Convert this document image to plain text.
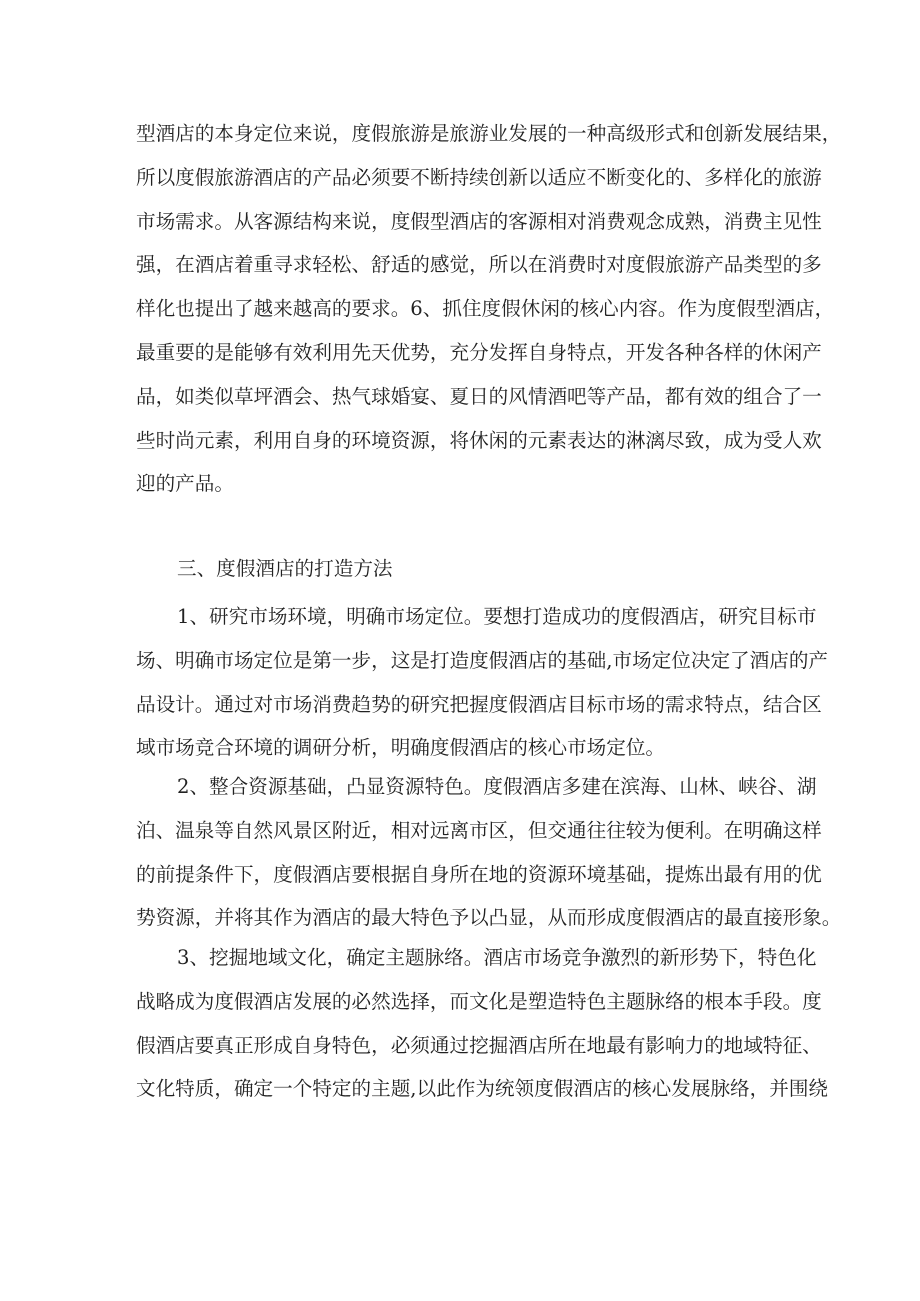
型酒店的本身定位来说，度假旅游是旅游业发展的一种高级形式和创新发展结果，
所以度假旅游酒店的产品必须要不断持续创新以适应不断变化的、多样化的旅游
市场需求。从客源结构来说，度假型酒店的客源相对消费观念成熟，消费主见性
强，在酒店着重寻求轻松、舒适的感觉，所以在消费时对度假旅游产品类型的多
样化也提出了越来越高的要求。6、抓住度假休闲的核心内容。作为度假型酒店，
最重要的是能够有效利用先天优势，充分发挥自身特点，开发各种各样的休闲产
品，如类似草坪酒会、热气球婚宴、夏日的风情酒吧等产品，都有效的组合了一
些时尚元素，利用自身的环境资源，将休闲的元素表达的淋漓尽致，成为受人欢
迎的产品。
三、度假酒店的打造方法
1、研究市场环境，明确市场定位。要想打造成功的度假酒店，研究目标市
场、明确市场定位是第一步，这是打造度假酒店的基础,市场定位决定了酒店的产
品设计。通过对市场消费趋势的研究把握度假酒店目标市场的需求特点，结合区
域市场竞合环境的调研分析，明确度假酒店的核心市场定位。
2、整合资源基础，凸显资源特色。度假酒店多建在滨海、山林、峡谷、湖
泊、温泉等自然风景区附近，相对远离市区，但交通往往较为便利。在明确这样
的前提条件下，度假酒店要根据自身所在地的资源环境基础，提炼出最有用的优
势资源，并将其作为酒店的最大特色予以凸显，从而形成度假酒店的最直接形象。
3、挖掘地域文化，确定主题脉络。酒店市场竞争激烈的新形势下，特色化
战略成为度假酒店发展的必然选择，而文化是塑造特色主题脉络的根本手段。度
假酒店要真正形成自身特色，必须通过挖掘酒店所在地最有影响力的地域特征、
文化特质，确定一个特定的主题,以此作为统领度假酒店的核心发展脉络，并围绕
